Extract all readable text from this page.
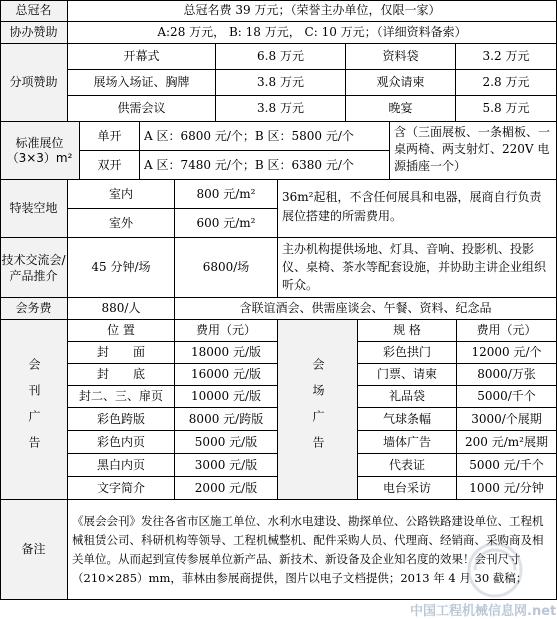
总冠名	总冠名费 39 万元；（荣誉主办单位，仅限一家）
协办赞助	A:28 万元， B: 18 万元， C: 10 万元；（详细资料备索）
分项赞助
开幕式	6.8 万元	资料袋	3.2 万元
展场入场证、胸牌	3.8 万元	观众请柬	2.8 万元
供需会议	3.8 万元	晚宴	5.8 万元
标准展位（3×3）m²
单开	A 区：6800 元/个；B 区：5800 元/个
双开	A 区：7480 元/个；B 区：6380 元/个
含（三面展板、一条楣板、一桌两椅、两支射灯、220V 电源插座一个）
特装空地
室内	800 元/m²
室外	600 元/m²
36m²起租，不含任何展具和电器，展商自行负责展位搭建的所需费用。
技术交流会/产品推介
45 分钟/场	6800/场
主办机构提供场地、灯具、音响、投影机、投影仪、桌椅、茶水等配套设施，并协助主讲企业组织听众。
会务费	880/人	含联谊酒会、供需座谈会、午餐、资料、纪念品
会刊广告
位 置	费用（元）
封　　面	18000 元/版
封　　底	16000 元/版
封二、三、扉页	10000 元/版
彩色跨版	8000 元/跨版
彩色内页	5000 元/版
黑白内页	3000 元/版
文字简介	2000 元/版
会场广告
规 格	费用（元）
彩色拱门	12000 元/个
门票、请柬	8000/万张
礼品袋	5000/千个
气球条幅	3000/个展期
墙体广告	200 元/m²展期
代表证	5000 元/千个
电台采访	1000 元/分钟
备注
《展会会刊》发往各省市区施工单位、水利水电建设、勘探单位、公路铁路建设单位、工程机械租赁公司、科研机构等领导、工程机械整机、配件采购人员、代理商、经销商、采购商及相关单位。从而起到宣传参展单位新产品、新技术、新设备及企业知名度的效果！会刊尺寸（210×285）mm，菲林由参展商提供，图片以电子文档提供；2013 年 4 月 30 截稿；
中国工程机械信息网.net
